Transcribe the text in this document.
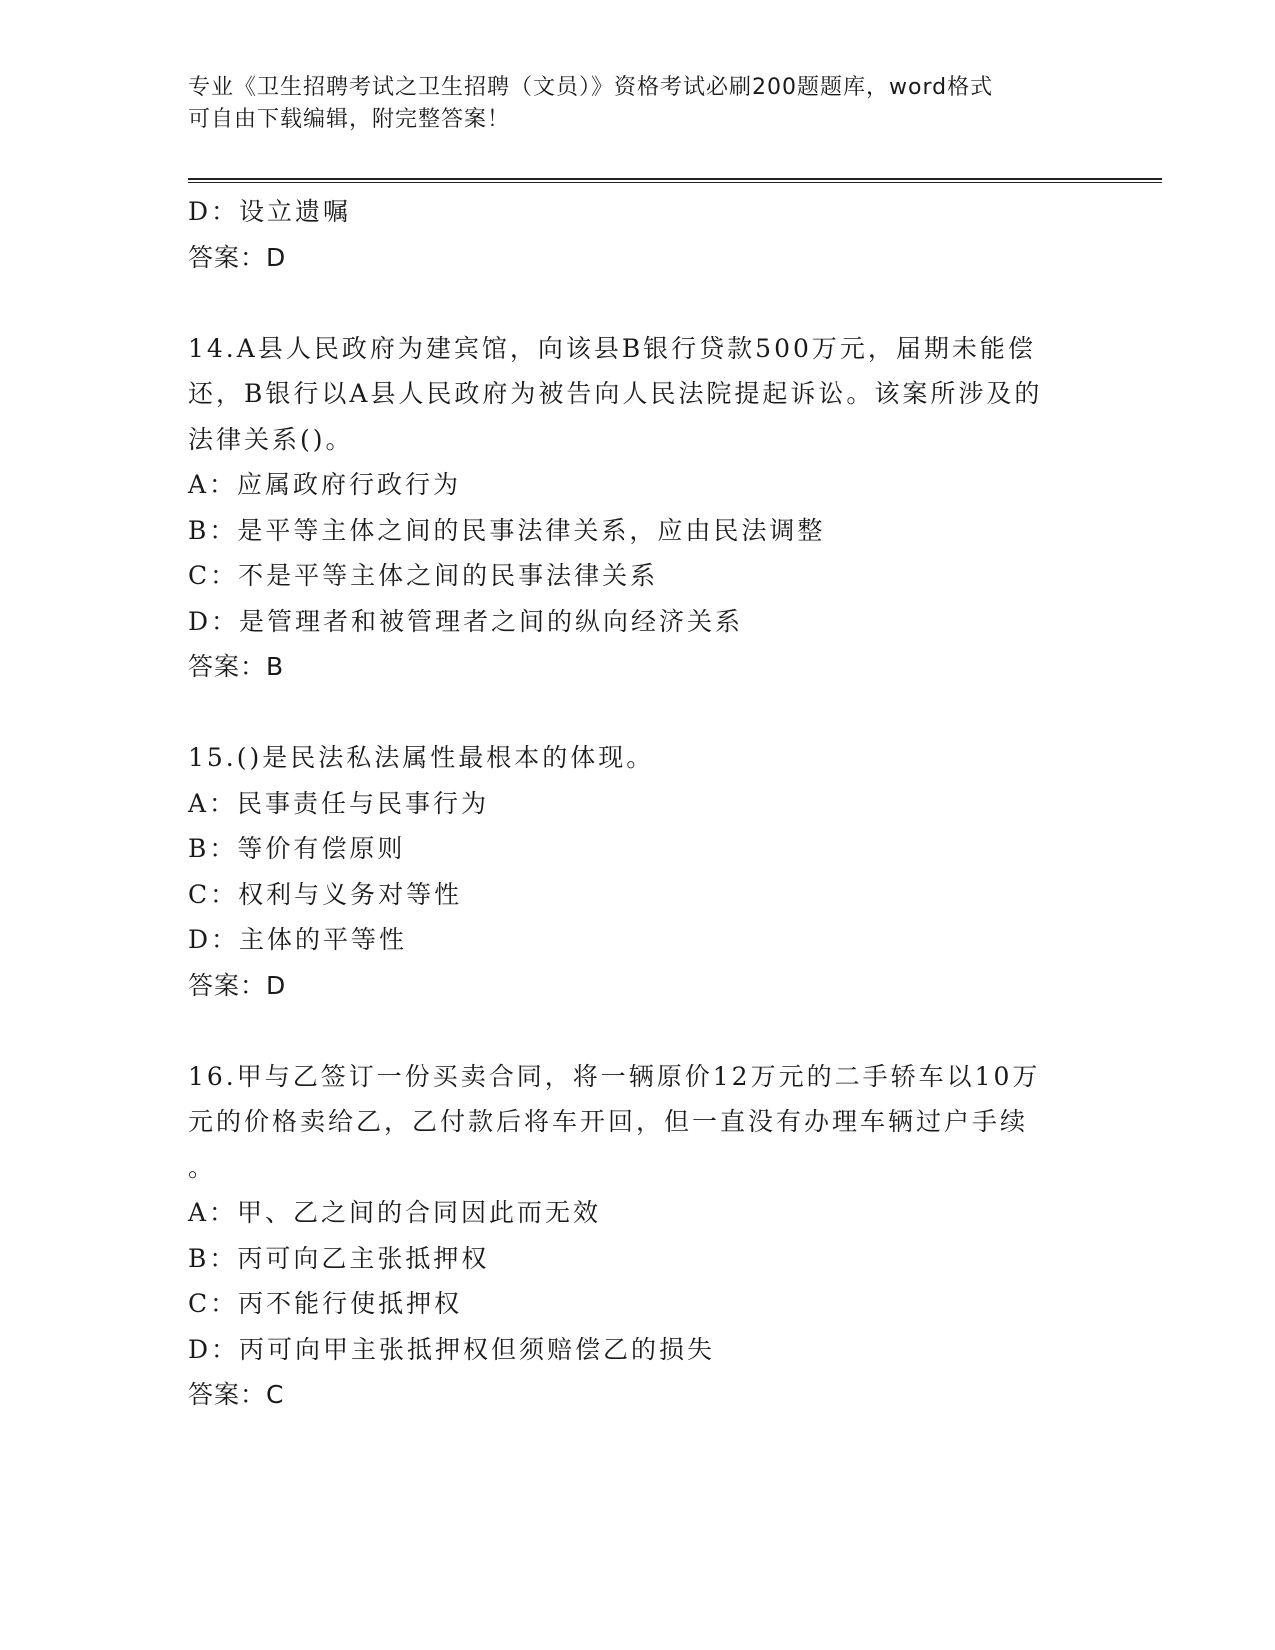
专业《卫生招聘考试之卫生招聘（文员）》资格考试必刷200题题库，word格式
可自由下载编辑，附完整答案！
D：设立遗嘱
答案：D
14.A县人民政府为建宾馆，向该县B银行贷款500万元，届期未能偿
还，B银行以A县人民政府为被告向人民法院提起诉讼。该案所涉及的
法律关系()。
A：应属政府行政行为
B：是平等主体之间的民事法律关系，应由民法调整
C：不是平等主体之间的民事法律关系
D：是管理者和被管理者之间的纵向经济关系
答案：B
15.()是民法私法属性最根本的体现。
A：民事责任与民事行为
B：等价有偿原则
C：权利与义务对等性
D：主体的平等性
答案：D
16.甲与乙签订一份买卖合同，将一辆原价12万元的二手轿车以10万
元的价格卖给乙，乙付款后将车开回，但一直没有办理车辆过户手续
。
A：甲、乙之间的合同因此而无效
B：丙可向乙主张抵押权
C：丙不能行使抵押权
D：丙可向甲主张抵押权但须赔偿乙的损失
答案：C
